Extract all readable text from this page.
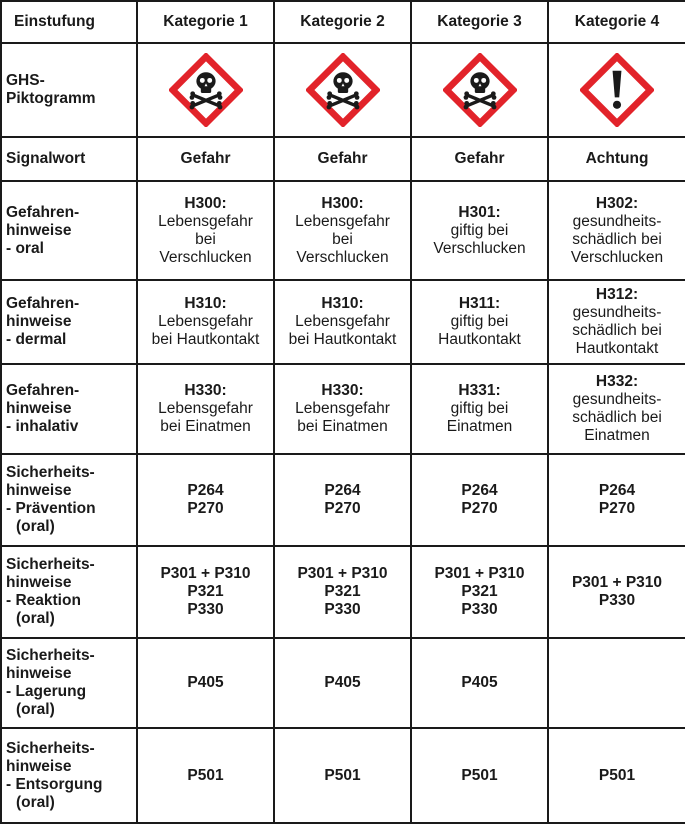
Einstufung	Kategorie 1	Kategorie 2	Kategorie 3	Kategorie 4

GHS-
Piktogramm

Signalwort	Gefahr	Gefahr	Gefahr	Achtung

Gefahren-
hinweise
- oral	H300:
Lebensgefahr
bei
Verschlucken	H300:
Lebensgefahr
bei
Verschlucken	H301:
giftig bei
Verschlucken	H302:
gesundheits-
schädlich bei
Verschlucken

Gefahren-
hinweise
- dermal	H310:
Lebensgefahr
bei Hautkontakt	H310:
Lebensgefahr
bei Hautkontakt	H311:
giftig bei
Hautkontakt	H312:
gesundheits-
schädlich bei
Hautkontakt

Gefahren-
hinweise
- inhalativ	H330:
Lebensgefahr
bei Einatmen	H330:
Lebensgefahr
bei Einatmen	H331:
giftig bei
Einatmen	H332:
gesundheits-
schädlich bei
Einatmen

Sicherheits-
hinweise
- Prävention
(oral)	P264
P270	P264
P270	P264
P270	P264
P270

Sicherheits-
hinweise
- Reaktion
(oral)	P301 + P310
P321
P330	P301 + P310
P321
P330	P301 + P310
P321
P330	P301 + P310
P330

Sicherheits-
hinweise
- Lagerung
(oral)	P405	P405	P405	

Sicherheits-
hinweise
- Entsorgung
(oral)	P501	P501	P501	P501
